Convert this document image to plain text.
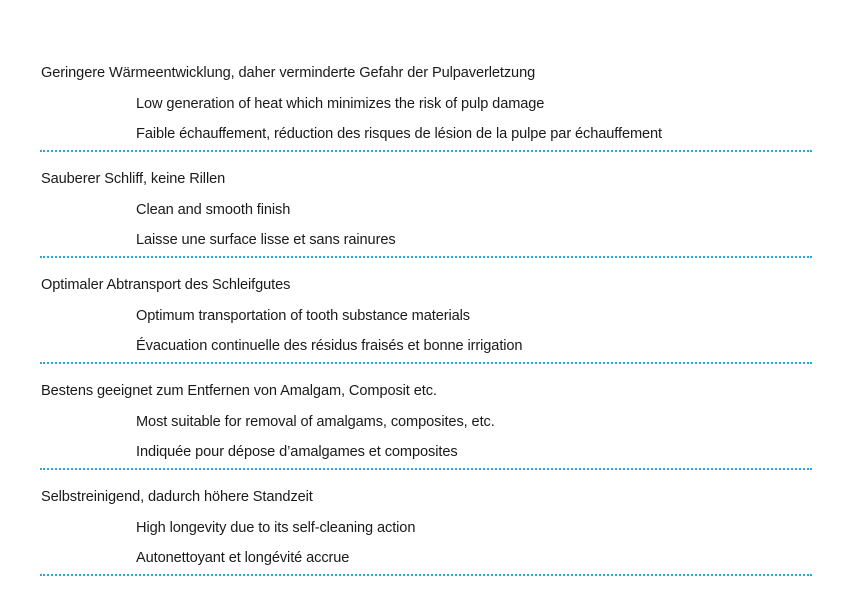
Geringere Wärmeentwicklung, daher verminderte Gefahr der Pulpaverletzung
Low generation of heat which minimizes the risk of pulp damage
Faible échauffement, réduction des risques de lésion de la pulpe par échauffement
Sauberer Schliff, keine Rillen
Clean and smooth finish
Laisse une surface lisse et sans rainures
Optimaler Abtransport des Schleifgutes
Optimum transportation of tooth substance materials
Évacuation continuelle des résidus fraisés et bonne irrigation
Bestens geeignet zum Entfernen von Amalgam, Composit etc.
Most suitable for removal of amalgams, composites, etc.
Indiquée pour dépose d’amalgames et composites
Selbstreinigend, dadurch höhere Standzeit
High longevity due to its self-cleaning action
Autonettoyant et longévité accrue
